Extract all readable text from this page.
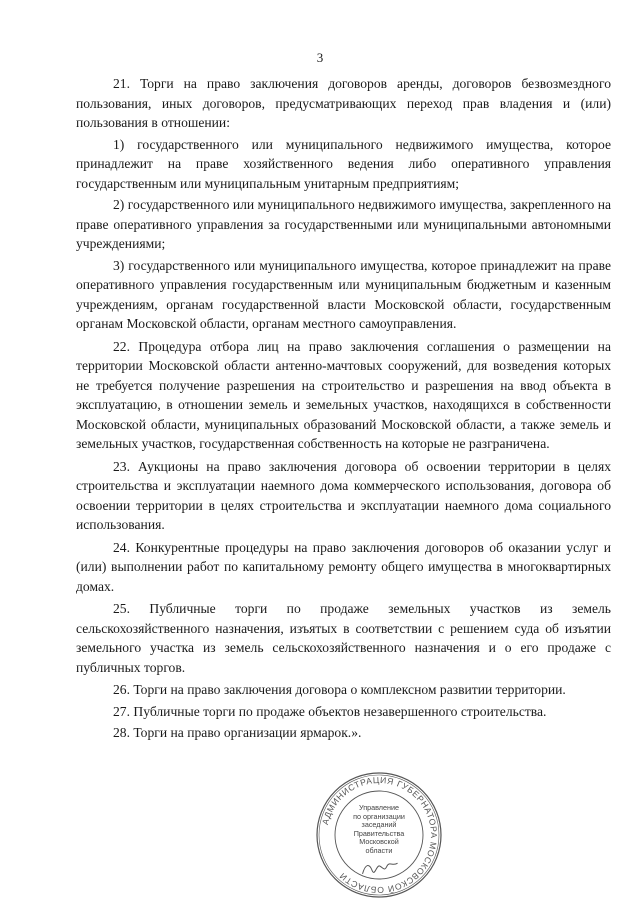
3

21. Торги на право заключения договоров аренды, договоров безвозмездного пользования, иных договоров, предусматривающих переход прав владения и (или) пользования в отношении:

1) государственного или муниципального недвижимого имущества, которое принадлежит на праве хозяйственного ведения либо оперативного управления государственным или муниципальным унитарным предприятиям;

2) государственного или муниципального недвижимого имущества, закрепленного на праве оперативного управления за государственными или муниципальными автономными учреждениями;

3) государственного или муниципального имущества, которое принадлежит на праве оперативного управления государственным или муниципальным бюджетным и казенным учреждениям, органам государственной власти Московской области, государственным органам Московской области, органам местного самоуправления.

22. Процедура отбора лиц на право заключения соглашения о размещении на территории Московской области антенно-мачтовых сооружений, для возведения которых не требуется получение разрешения на строительство и разрешения на ввод объекта в эксплуатацию, в отношении земель и земельных участков, находящихся в собственности Московской области, муниципальных образований Московской области, а также земель и земельных участков, государственная собственность на которые не разграничена.

23. Аукционы на право заключения договора об освоении территории в целях строительства и эксплуатации наемного дома коммерческого использования, договора об освоении территории в целях строительства и эксплуатации наемного дома социального использования.

24. Конкурентные процедуры на право заключения договоров об оказании услуг и (или) выполнении работ по капитальному ремонту общего имущества в многоквартирных домах.

25. Публичные торги по продаже земельных участков из земель сельскохозяйственного назначения, изъятых в соответствии с решением суда об изъятии земельного участка из земель сельскохозяйственного назначения и о его продаже с публичных торгов.

26. Торги на право заключения договора о комплексном развитии территории.

27. Публичные торги по продаже объектов незавершенного строительства.

28. Торги на право организации ярмарок.».

АДМИНИСТРАЦИЯ ГУБЕРНАТОРА МОСКОВСКОЙ ОБЛАСТИ
Управление
по организации
заседаний
Правительства
Московской
области
